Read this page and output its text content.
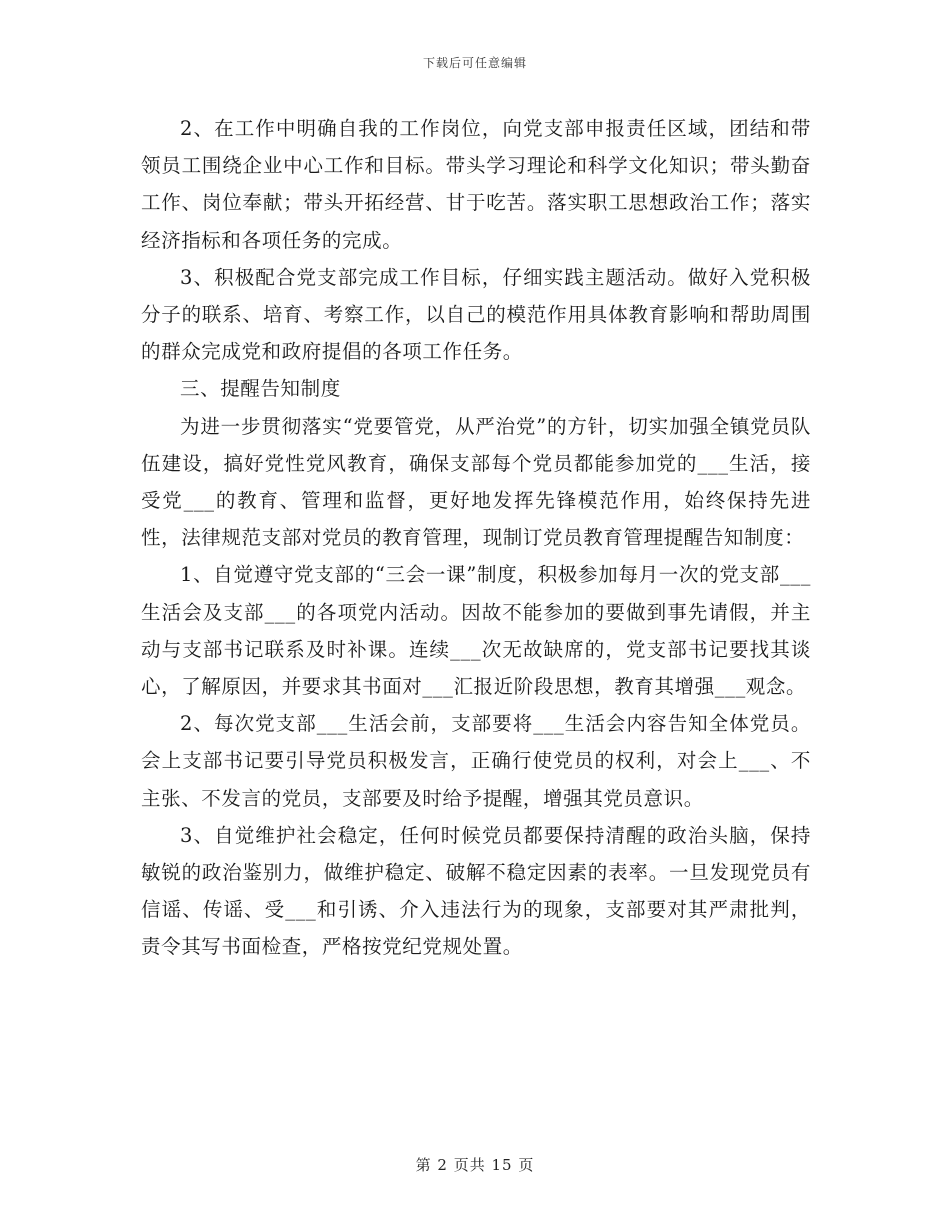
下载后可任意编辑

2、在工作中明确自我的工作岗位，向党支部申报责任区域，团结和带领员工围绕企业中心工作和目标。带头学习理论和科学文化知识；带头勤奋工作、岗位奉献；带头开拓经营、甘于吃苦。落实职工思想政治工作；落实经济指标和各项任务的完成。

3、积极配合党支部完成工作目标，仔细实践主题活动。做好入党积极分子的联系、培育、考察工作，以自己的模范作用具体教育影响和帮助周围的群众完成党和政府提倡的各项工作任务。

三、提醒告知制度

为进一步贯彻落实“党要管党，从严治党”的方针，切实加强全镇党员队伍建设，搞好党性党风教育，确保支部每个党员都能参加党的___生活，接受党___的教育、管理和监督，更好地发挥先锋模范作用，始终保持先进性，法律规范支部对党员的教育管理，现制订党员教育管理提醒告知制度：

1、自觉遵守党支部的“三会一课”制度，积极参加每月一次的党支部___生活会及支部___的各项党内活动。因故不能参加的要做到事先请假，并主动与支部书记联系及时补课。连续___次无故缺席的，党支部书记要找其谈心，了解原因，并要求其书面对___汇报近阶段思想，教育其增强___观念。

2、每次党支部___生活会前，支部要将___生活会内容告知全体党员。会上支部书记要引导党员积极发言，正确行使党员的权利，对会上___、不主张、不发言的党员，支部要及时给予提醒，增强其党员意识。

3、自觉维护社会稳定，任何时候党员都要保持清醒的政治头脑，保持敏锐的政治鉴别力，做维护稳定、破解不稳定因素的表率。一旦发现党员有信谣、传谣、受___和引诱、介入违法行为的现象，支部要对其严肃批判，责令其写书面检查，严格按党纪党规处置。

第 2 页共 15 页
